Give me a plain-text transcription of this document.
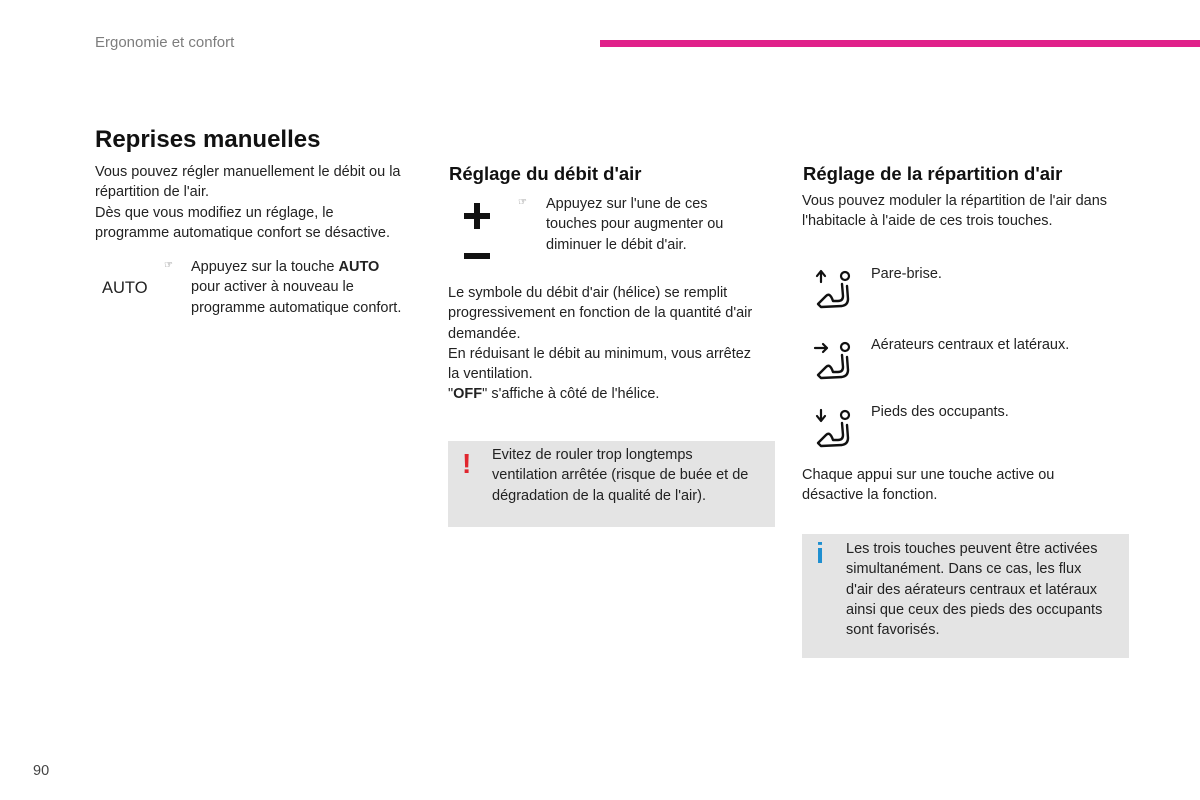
Ergonomie et confort
Reprises manuelles
Vous pouvez régler manuellement le débit ou la
répartition de l'air.
Dès que vous modifiez un réglage, le
programme automatique confort se désactive.
AUTO
☞ Appuyez sur la touche AUTO
pour activer à nouveau le
programme automatique confort.
Réglage du débit d'air
☞ Appuyez sur l'une de ces
touches pour augmenter ou
diminuer le débit d'air.
Le symbole du débit d'air (hélice) se remplit
progressivement en fonction de la quantité d'air
demandée.
En réduisant le débit au minimum, vous arrêtez
la ventilation.
"OFF" s'affiche à côté de l'hélice.
! Evitez de rouler trop longtemps
ventilation arrêtée (risque de buée et de
dégradation de la qualité de l'air).
Réglage de la répartition d'air
Vous pouvez moduler la répartition de l'air dans
l'habitacle à l'aide de ces trois touches.
Pare-brise.
Aérateurs centraux et latéraux.
Pieds des occupants.
Chaque appui sur une touche active ou
désactive la fonction.
i Les trois touches peuvent être activées
simultanément. Dans ce cas, les flux
d'air des aérateurs centraux et latéraux
ainsi que ceux des pieds des occupants
sont favorisés.
90
